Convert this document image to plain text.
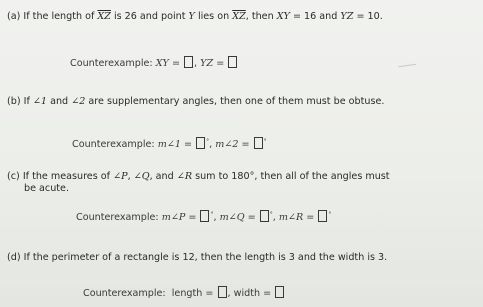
(a) If the length of $\overline{XZ}$ is 26 and point Y lies on $\overline{XZ}$, then XY = 16 and YZ = 10.
Counterexample: XY = , YZ =
(b) If ∠1 and ∠2 are supplementary angles, then one of them must be obtuse.
Counterexample: m∠1 = °, m∠2 = °
(c) If the measures of ∠P, ∠Q, and ∠R sum to 180°, then all of the angles must
be acute.
Counterexample: m∠P = °, m∠Q = °, m∠R = °
(d) If the perimeter of a rectangle is 12, then the length is 3 and the width is 3.
Counterexample: length = , width =
